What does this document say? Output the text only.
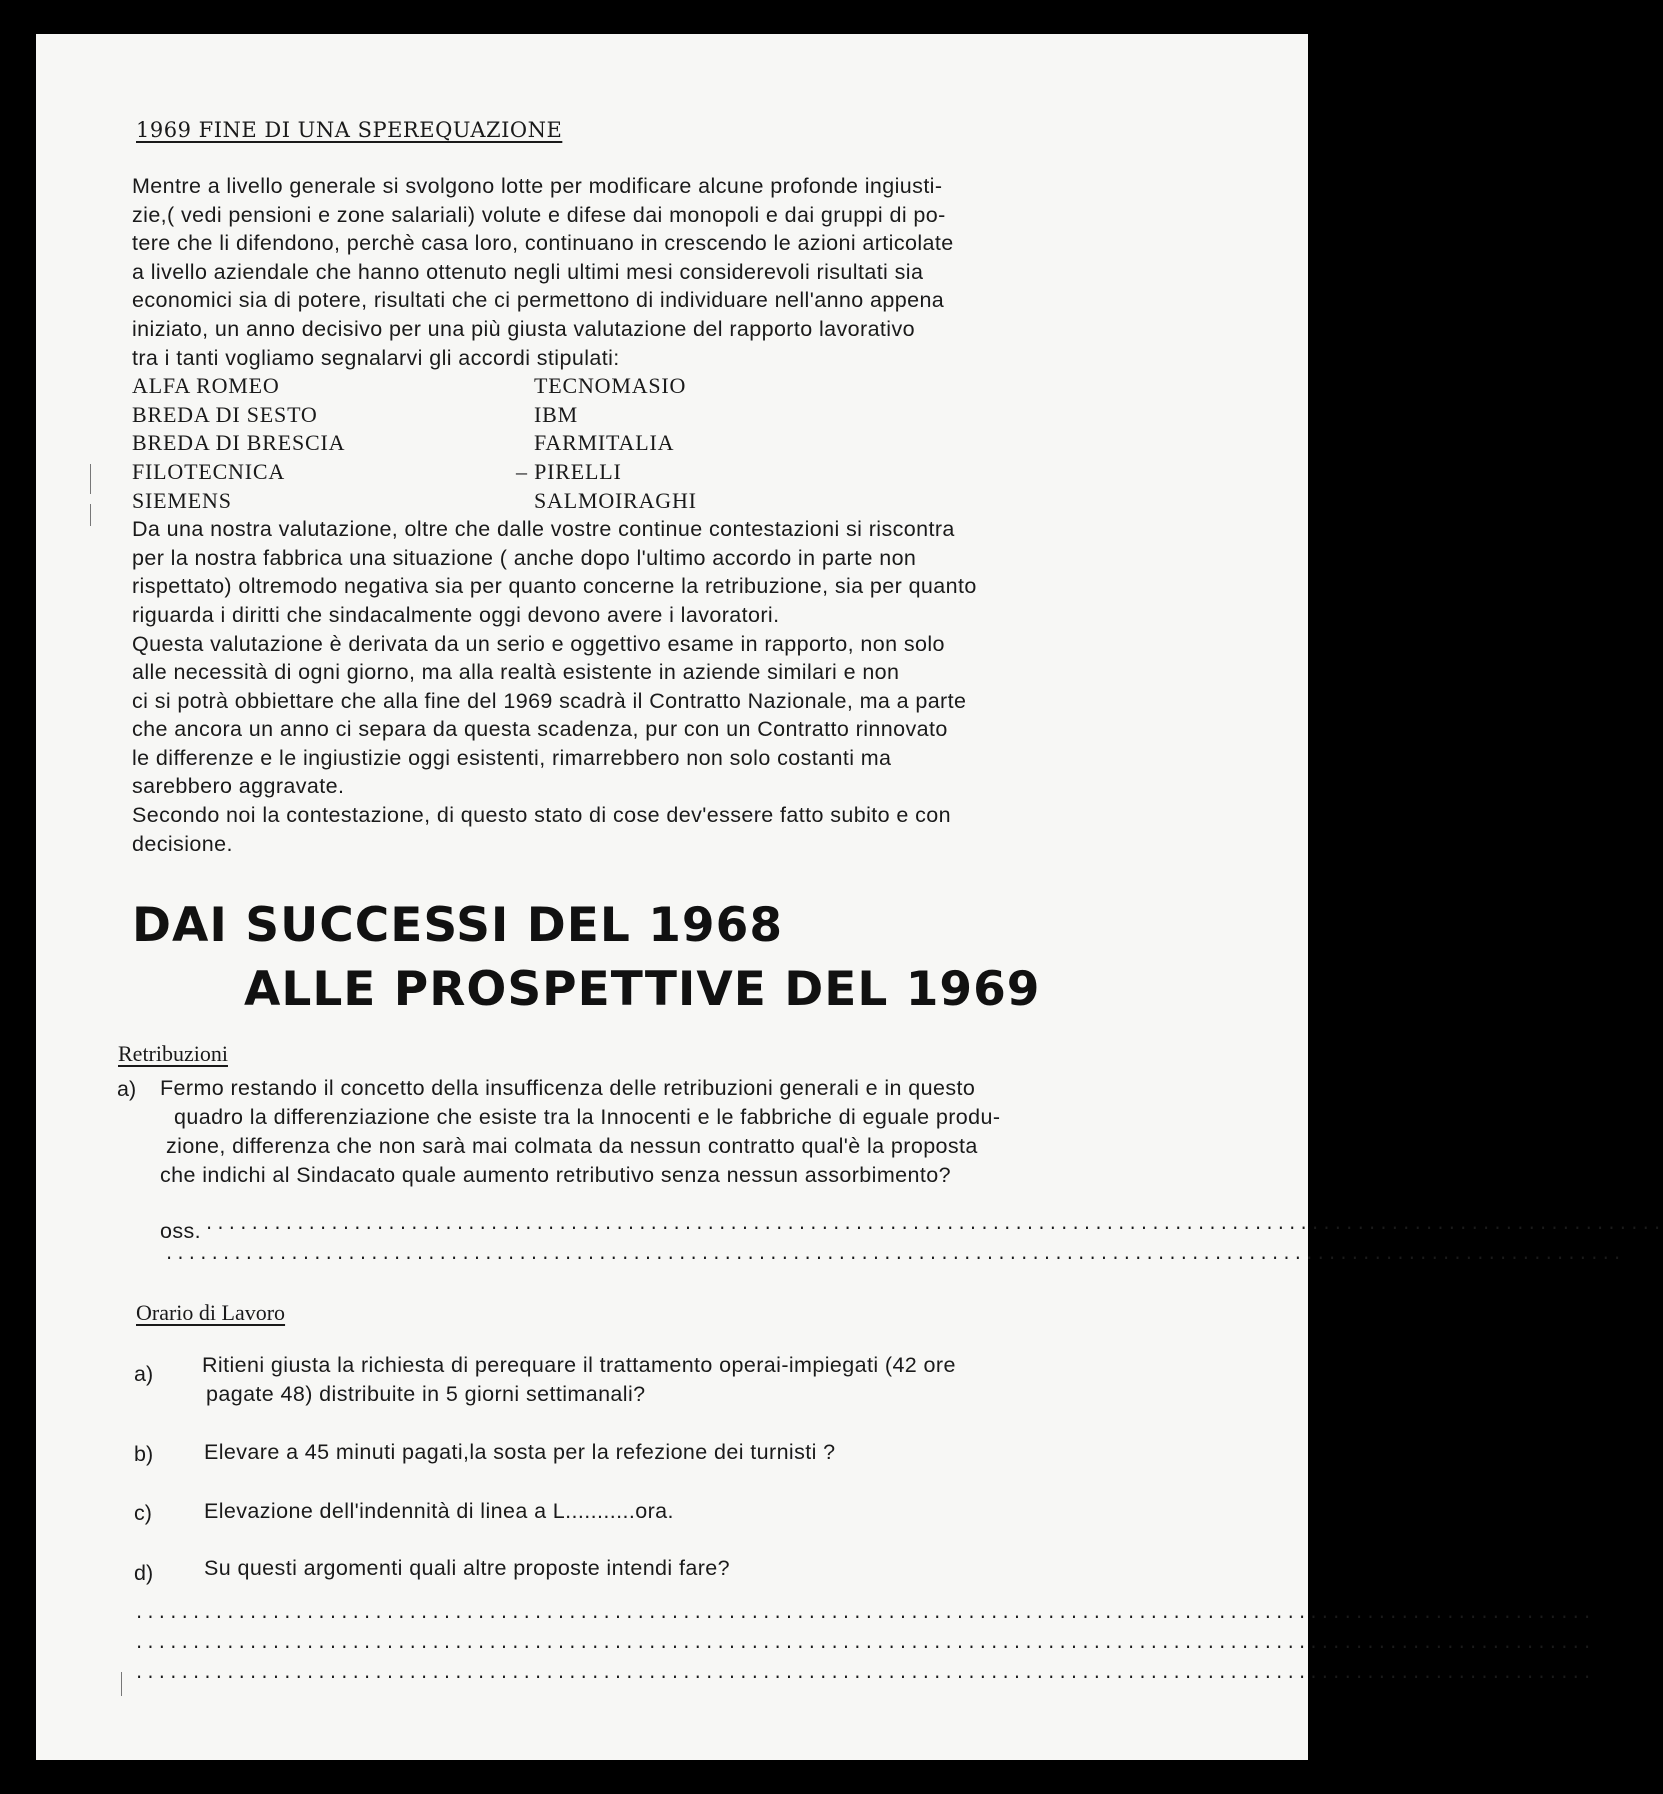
1969 FINE DI UNA SPEREQUAZIONE

Mentre a livello generale si svolgono lotte per modificare alcune profonde ingiusti-
zie,( vedi pensioni e zone salariali) volute e difese dai monopoli e dai gruppi di po-
tere che li difendono, perchè casa loro, continuano in crescendo le azioni articolate
a livello aziendale che hanno ottenuto negli ultimi mesi considerevoli risultati sia
economici sia di potere, risultati che ci permettono di individuare nell'anno appena
iniziato, un anno decisivo per una più giusta valutazione del rapporto lavorativo
tra i tanti vogliamo segnalarvi gli accordi stipulati:

ALFA ROMEO	TECNOMASIO
BREDA DI SESTO	IBM
BREDA DI BRESCIA	FARMITALIA
FILOTECNICA	– PIRELLI
SIEMENS	SALMOIRAGHI

Da una nostra valutazione, oltre che dalle vostre continue contestazioni si riscontra
per la nostra fabbrica una situazione ( anche dopo l'ultimo accordo in parte non
rispettato) oltremodo negativa sia per quanto concerne la retribuzione, sia per quanto
riguarda i diritti che sindacalmente oggi devono avere i lavoratori.
Questa valutazione è derivata da un serio e oggettivo esame in rapporto, non solo
alle necessità di ogni giorno, ma alla realtà esistente in aziende similari e non
ci si potrà obbiettare che alla fine del 1969 scadrà il Contratto Nazionale, ma a parte
che ancora un anno ci separa da questa scadenza, pur con un Contratto rinnovato
le differenze e le ingiustizie oggi esistenti, rimarrebbero non solo costanti ma
sarebbero aggravate.
Secondo noi la contestazione, di questo stato di cose dev'essere fatto subito e con
decisione.

DAI SUCCESSI DEL 1968
ALLE PROSPETTIVE DEL 1969
Retribuzioni
a) Fermo restando il concetto della insufficenza delle retribuzioni generali e in questo
quadro la differenziazione che esiste tra la Innocenti e le fabbriche di eguale produ-
zione, differenza che non sarà mai colmata da nessun contratto qual'è la proposta
che indichi al Sindacato quale aumento retributivo senza nessun assorbimento?
oss. ................................................................................................................................
................................................................................................................................
Orario di Lavoro
a) Ritieni giusta la richiesta di perequare il trattamento operai-impiegati (42 ore
pagate 48) distribuite in 5 giorni settimanali?
b) Elevare a 45 minuti pagati,la sosta per la refezione dei turnisti ?
c) Elevazione dell'indennità di linea a L...........ora.
d) Su questi argomenti quali altre proposte intendi fare?
................................................................................................................................
................................................................................................................................
................................................................................................................................
